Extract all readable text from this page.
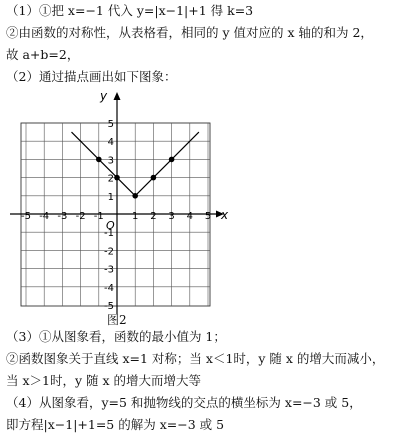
（1）①把 x=−1 代入 y=|x−1|+1 得 k=3
②由函数的对称性，从表格看，相同的 y 值对应的 x 轴的和为 2，
故 a+b=2，
（2）通过描点画出如下图象：
x
y
O
-5 -4 -3 -2 -1	1 2 3 4 5
5
4
3
2
1
-1
-2
-3
-4
-5
图2
（3）①从图象看，函数的最小值为 1；
②函数图象关于直线 x=1 对称；当 x＜1时，y 随 x 的增大而减小，
当 x＞1时，y 随 x 的增大而增大等
（4）从图象看，y=5 和抛物线的交点的横坐标为 x=−3 或 5，
即方程|x−1|+1=5 的解为 x=−3 或 5
